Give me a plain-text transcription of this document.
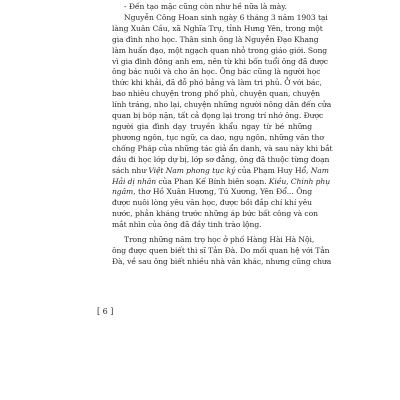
- Đến tạo mặc cũng còn như hề nữa là mày.

Nguyễn Công Hoan sinh ngày 6 tháng 3 năm 1903 tại
làng Xuân Cầu, xã Nghĩa Trụ, tỉnh Hưng Yên, trong một
gia đình nho học. Thân sinh ông là Nguyễn Đạo Khang
làm huấn đạo, một ngạch quan nhỏ trong giáo giới. Song
vì gia đình đông anh em, nên từ khi bốn tuổi ông đã được
ông bác nuôi và cho ăn học. Ông bác cũng là người học
thức khi khải, đã đỗ phó bảng và làm tri phủ. Ở với bác,
bao nhiêu chuyện trong phố phủ, chuyện quan, chuyện
lính tráng, nho lại, chuyện những người nông dân đến cửa
quan bị bóp nặn, tất cả đọng lại trong trí nhớ ông. Được
người gia đình dạy truyền khẩu ngay từ bé những
phương ngôn, tục ngữ, ca dao, ngụ ngôn, những văn thơ
chống Pháp của những tác giả ẩn danh, và sau này khi bắt
đầu đi học lớp dự bị, lớp sơ đẳng, ông đã thuộc từng đoạn
sách như Việt Nam phong tục ký của Phạm Huy Hổ, Nam
Hải dị nhân của Phan Kế Bính biên soạn. Kiều, Chinh phụ
ngâm, thơ Hồ Xuân Hương, Tú Xương, Yên Đổ... Ông
được nuôi lòng yêu văn học, được bồi đắp chí khí yêu
nước, phản kháng trước những áp bức bất công và con
mắt nhìn của ông đã đầy tinh trào lộng.

Trong những năm trọ học ở phố Hàng Hài Hà Nội,
ông được quen biết thi sĩ Tản Đà. Do mối quan hệ với Tản
Đà, về sau ông biết nhiều nhà văn khác, nhưng cũng chưa

[ 6 ]
